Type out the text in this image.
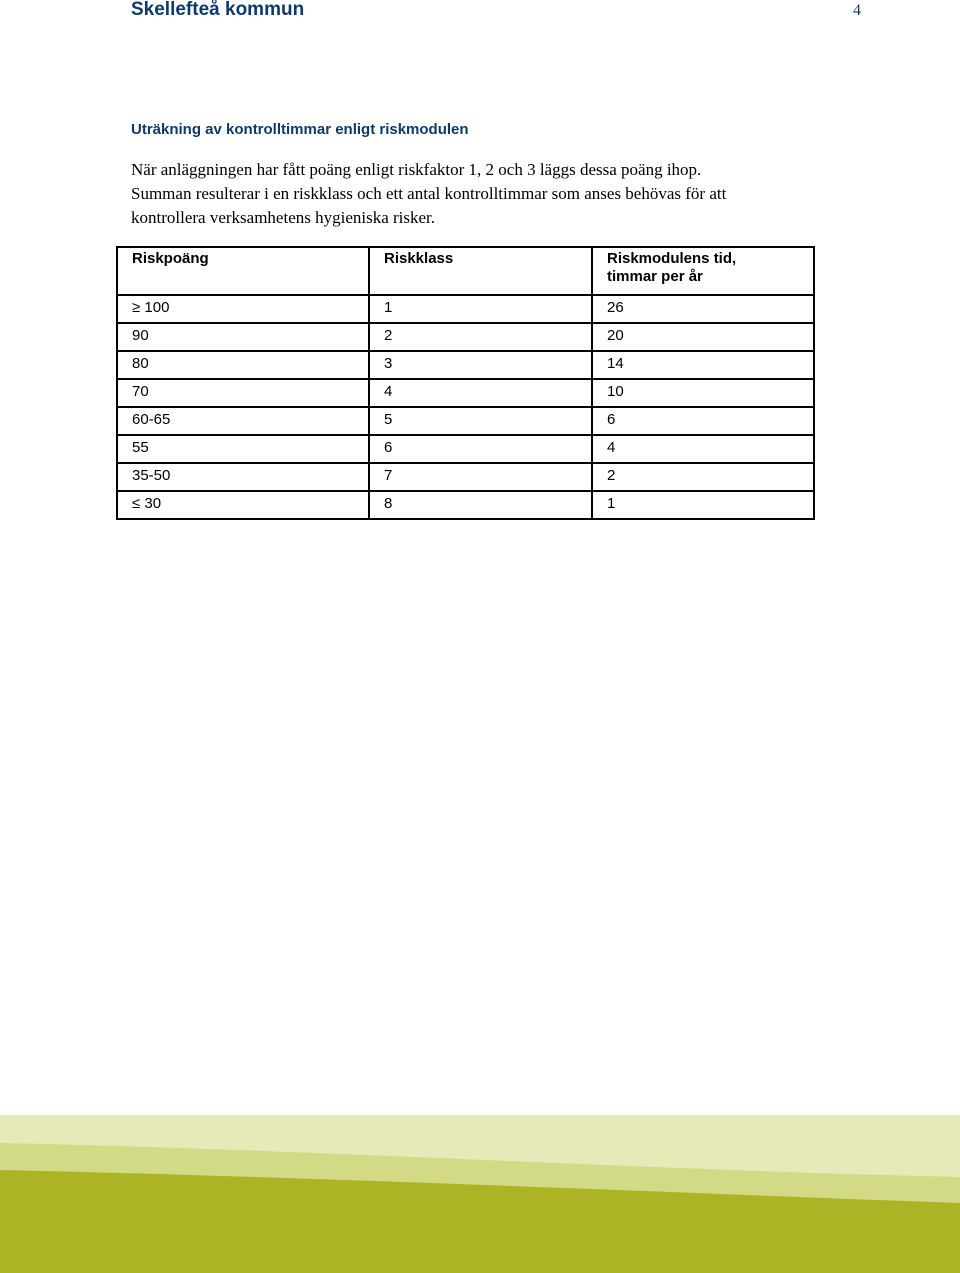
Skellefteå kommun	4
Uträkning av kontrolltimmar enligt riskmodulen
När anläggningen har fått poäng enligt riskfaktor 1, 2 och 3 läggs dessa poäng ihop.
Summan resulterar i en riskklass och ett antal kontrolltimmar som anses behövas för att
kontrollera verksamhetens hygieniska risker.
Riskpoäng	Riskklass	Riskmodulens tid, timmar per år

≥ 100	1	26
90	2	20
80	3	14
70	4	10
60-65	5	6
55	6	4
35-50	7	2
≤ 30	8	1
